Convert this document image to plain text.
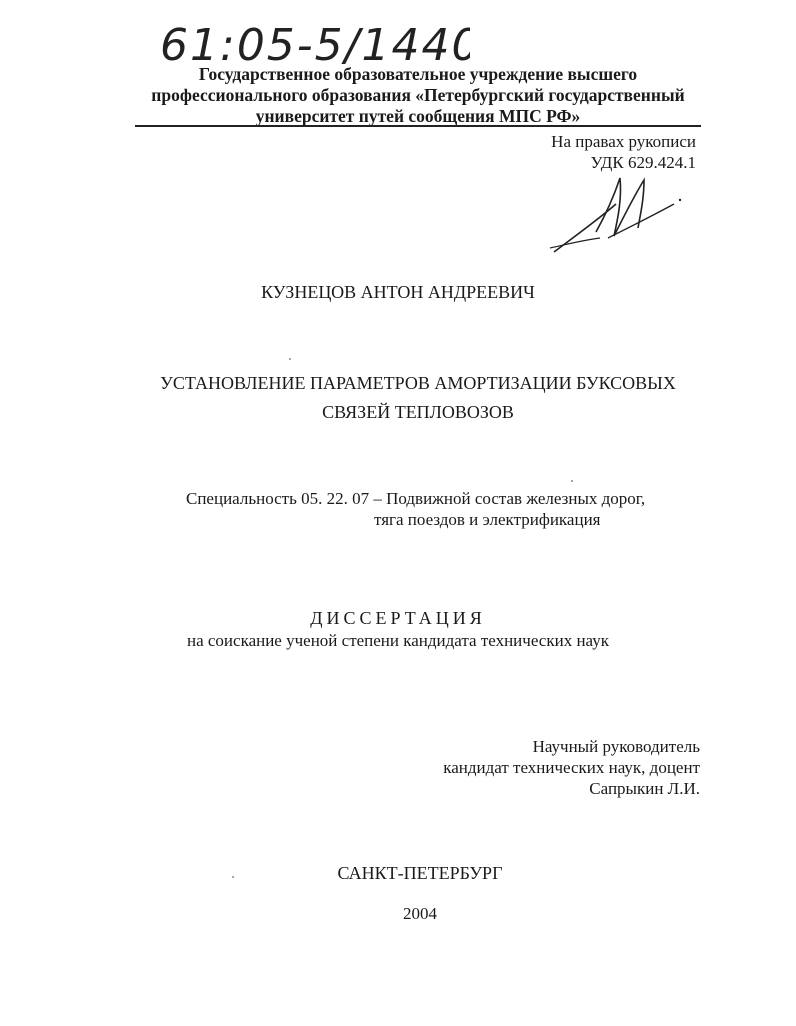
61:05-5/1440
Государственное образовательное учреждение высшего
профессионального образования «Петербургский государственный
университет путей сообщения МПС РФ»
На правах рукописи
УДК 629.424.1
КУЗНЕЦОВ АНТОН АНДРЕЕВИЧ
УСТАНОВЛЕНИЕ ПАРАМЕТРОВ АМОРТИЗАЦИИ БУКСОВЫХ
СВЯЗЕЙ ТЕПЛОВОЗОВ
Специальность 05. 22. 07 – Подвижной состав железных дорог,
тяга поездов и электрификация
ДИССЕРТАЦИЯ
на соискание ученой степени кандидата технических наук
Научный руководитель
кандидат технических наук, доцент
Сапрыкин Л.И.
САНКТ-ПЕТЕРБУРГ
2004
